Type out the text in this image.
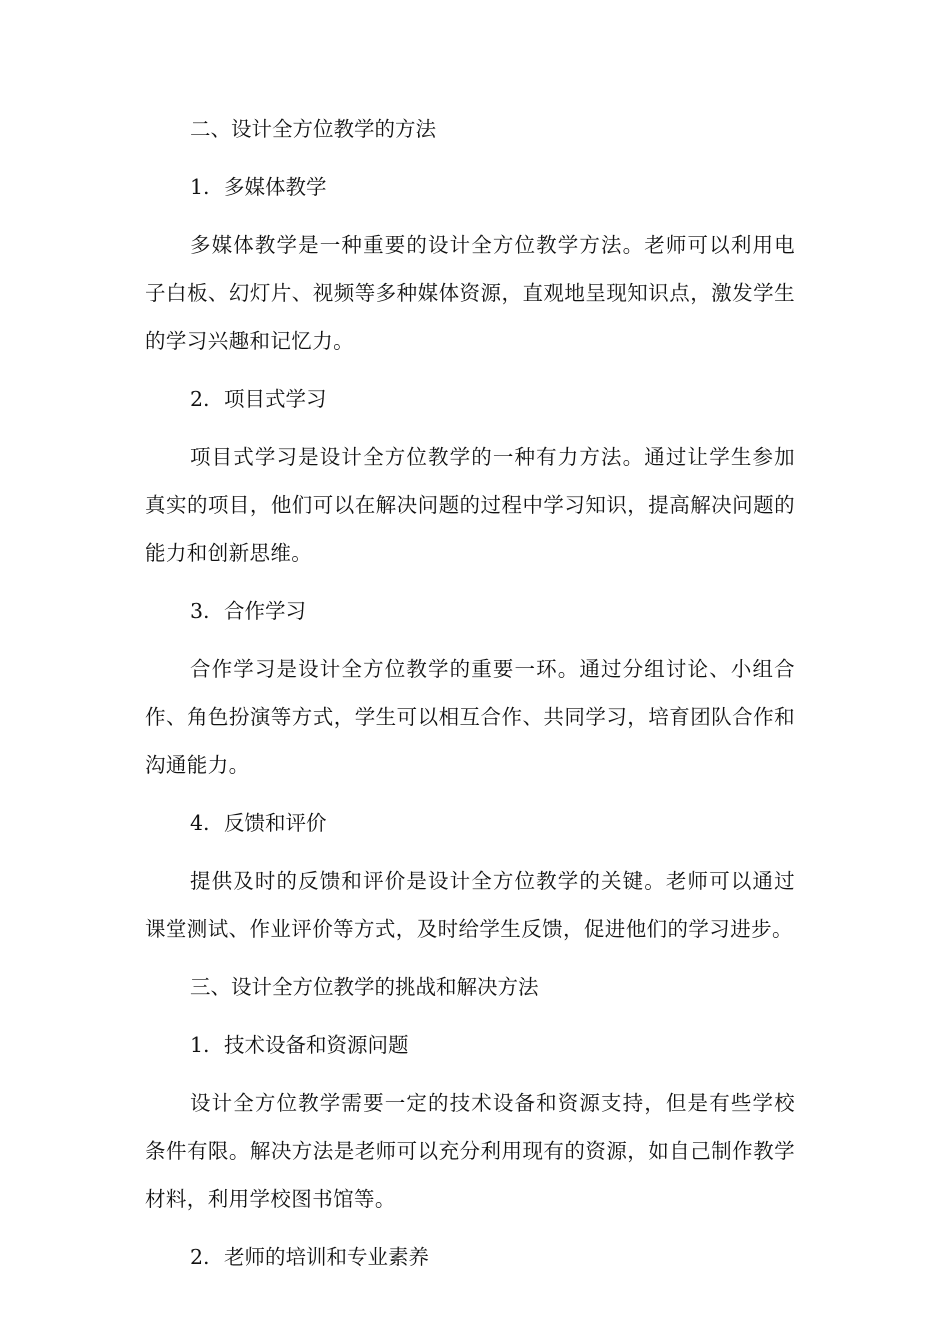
二、设计全方位教学的方法
1. 多媒体教学
多媒体教学是一种重要的设计全方位教学方法。老师可以利用电子白板、幻灯片、视频等多种媒体资源，直观地呈现知识点，激发学生的学习兴趣和记忆力。
2. 项目式学习
项目式学习是设计全方位教学的一种有力方法。通过让学生参加真实的项目，他们可以在解决问题的过程中学习知识，提高解决问题的能力和创新思维。
3. 合作学习
合作学习是设计全方位教学的重要一环。通过分组讨论、小组合作、角色扮演等方式，学生可以相互合作、共同学习，培育团队合作和沟通能力。
4. 反馈和评价
提供及时的反馈和评价是设计全方位教学的关键。老师可以通过课堂测试、作业评价等方式，及时给学生反馈，促进他们的学习进步。
三、设计全方位教学的挑战和解决方法
1. 技术设备和资源问题
设计全方位教学需要一定的技术设备和资源支持，但是有些学校条件有限。解决方法是老师可以充分利用现有的资源，如自己制作教学材料，利用学校图书馆等。
2. 老师的培训和专业素养
